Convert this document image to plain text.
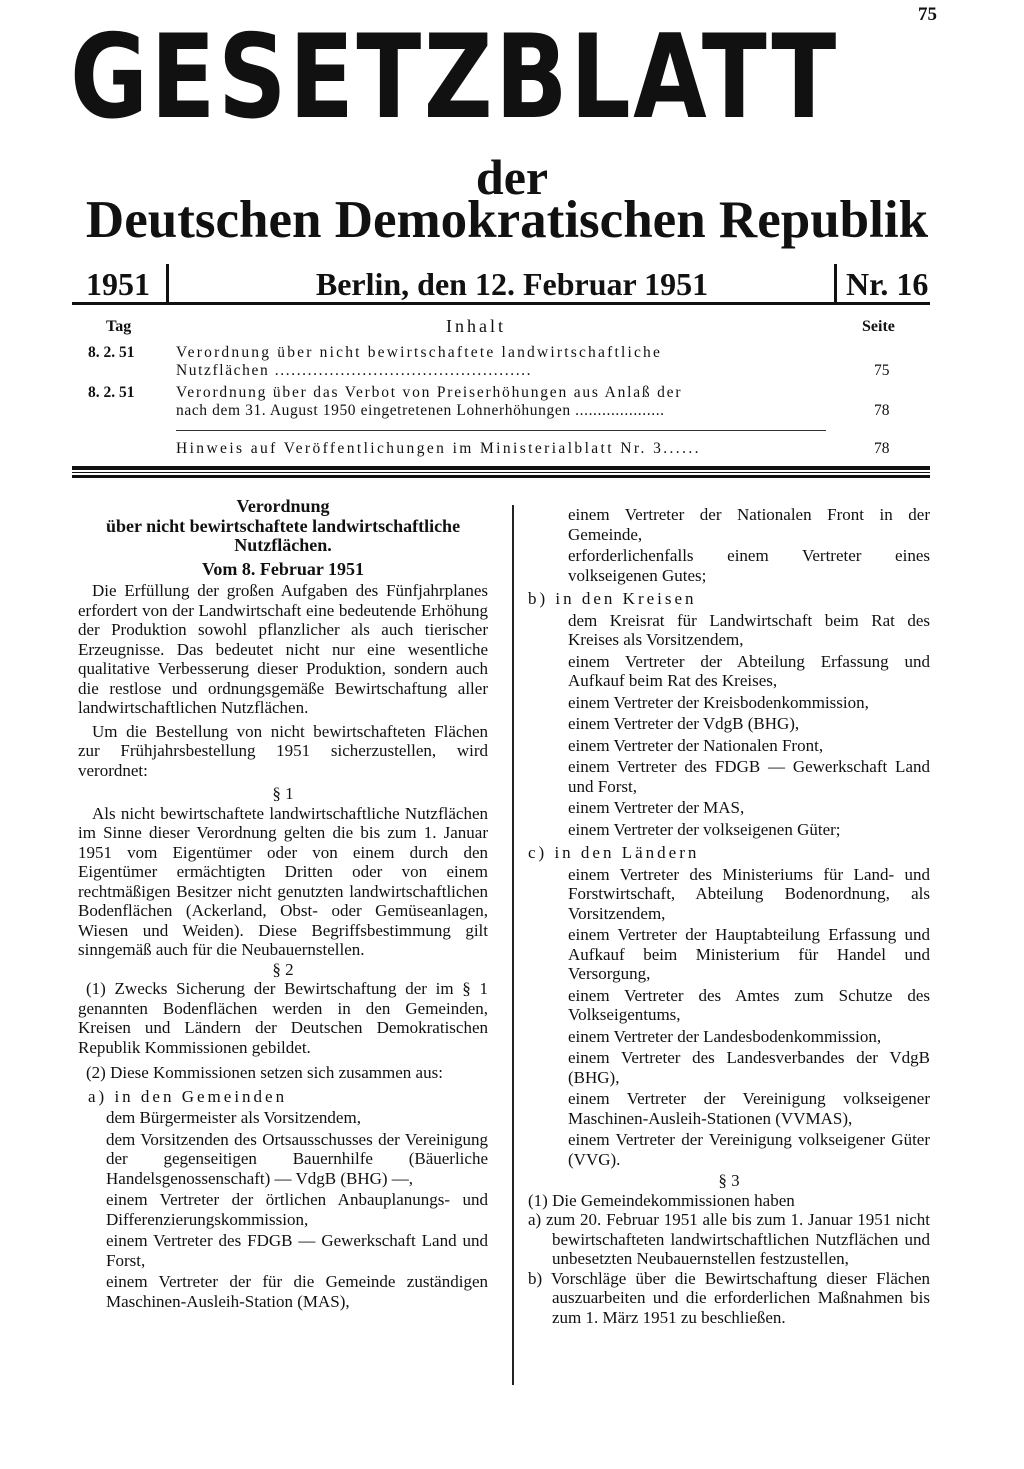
75
GESETZBLATT
der
Deutschen Demokratischen Republik
1951	Berlin, den 12. Februar 1951	Nr. 16
Tag	Inhalt	Seite
8. 2. 51	Verordnung über nicht bewirtschaftete landwirtschaftliche
Nutzflächen ...............................................	75
8. 2. 51	Verordnung über das Verbot von Preiserhöhungen aus Anlaß der
nach dem 31. August 1950 eingetretenen Lohnerhöhungen ....................	78
Hinweis auf Veröffentlichungen im Ministerialblatt Nr. 3......	78

Verordnung

über nicht bewirtschaftete landwirtschaftliche

Nutzflächen.

Vom 8. Februar 1951

Die Erfüllung der großen Aufgaben des Fünfjahrplanes erfordert von der Landwirtschaft eine bedeutende Erhöhung der Produktion sowohl pflanzlicher als auch tierischer Erzeugnisse. Das bedeutet nicht nur eine wesentliche qualitative Verbesserung dieser Produktion, sondern auch die restlose und ordnungsgemäße Bewirtschaftung aller landwirtschaftlichen Nutzflächen.

Um die Bestellung von nicht bewirtschafteten Flächen zur Frühjahrsbestellung 1951 sicherzustellen, wird verordnet:

§ 1

Als nicht bewirtschaftete landwirtschaftliche Nutzflächen im Sinne dieser Verordnung gelten die bis zum 1. Januar 1951 vom Eigentümer oder von einem durch den Eigentümer ermächtigten Dritten oder von einem rechtmäßigen Besitzer nicht genutzten landwirtschaftlichen Bodenflächen (Ackerland, Obst- oder Gemüseanlagen, Wiesen und Weiden). Diese Begriffsbestimmung gilt sinngemäß auch für die Neubauernstellen.

§ 2

(1) Zwecks Sicherung der Bewirtschaftung der im § 1 genannten Bodenflächen werden in den Gemeinden, Kreisen und Ländern der Deutschen Demokratischen Republik Kommissionen gebildet.

(2) Diese Kommissionen setzen sich zusammen aus:

a) in den Gemeinden

dem Bürgermeister als Vorsitzendem,

dem Vorsitzenden des Ortsausschusses der Vereinigung der gegenseitigen Bauernhilfe (Bäuerliche Handelsgenossenschaft) — VdgB (BHG) —,

einem Vertreter der örtlichen Anbauplanungs- und Differenzierungskommission,

einem Vertreter des FDGB — Gewerkschaft Land und Forst,

einem Vertreter der für die Gemeinde zuständigen Maschinen-Ausleih-Station (MAS),

einem Vertreter der Nationalen Front in der Gemeinde,

erforderlichenfalls einem Vertreter eines volkseigenen Gutes;

b) in den Kreisen

dem Kreisrat für Landwirtschaft beim Rat des Kreises als Vorsitzendem,

einem Vertreter der Abteilung Erfassung und Aufkauf beim Rat des Kreises,

einem Vertreter der Kreisbodenkommission,

einem Vertreter der VdgB (BHG),

einem Vertreter der Nationalen Front,

einem Vertreter des FDGB — Gewerkschaft Land und Forst,

einem Vertreter der MAS,

einem Vertreter der volkseigenen Güter;

c) in den Ländern

einem Vertreter des Ministeriums für Land- und Forstwirtschaft, Abteilung Bodenordnung, als Vorsitzendem,

einem Vertreter der Hauptabteilung Erfassung und Aufkauf beim Ministerium für Handel und Versorgung,

einem Vertreter des Amtes zum Schutze des Volkseigentums,

einem Vertreter der Landesbodenkommission,

einem Vertreter des Landesverbandes der VdgB (BHG),

einem Vertreter der Vereinigung volkseigener Maschinen-Ausleih-Stationen (VVMAS),

einem Vertreter der Vereinigung volkseigener Güter (VVG).

§ 3

(1) Die Gemeindekommissionen haben

a) zum 20. Februar 1951 alle bis zum 1. Januar 1951 nicht bewirtschafteten landwirtschaftlichen Nutzflächen und unbesetzten Neubauernstellen festzustellen,

b) Vorschläge über die Bewirtschaftung dieser Flächen auszuarbeiten und die erforderlichen Maßnahmen bis zum 1. März 1951 zu beschließen.
